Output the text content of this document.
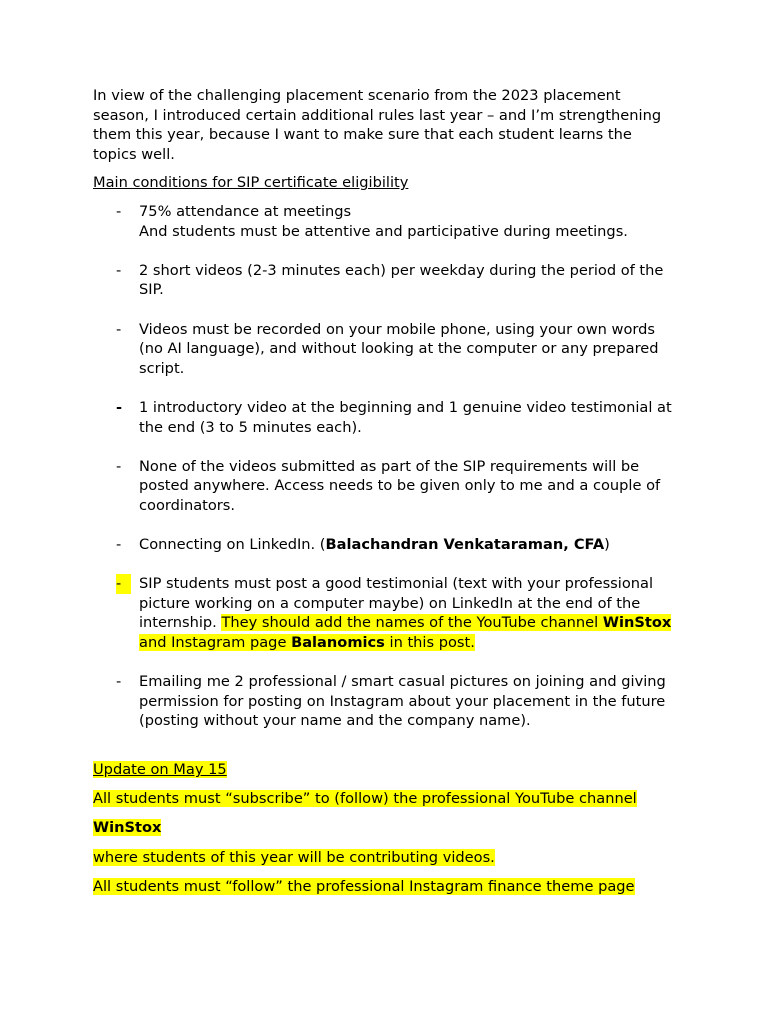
In view of the challenging placement scenario from the 2023 placement season, I introduced certain additional rules last year – and I’m strengthening them this year, because I want to make sure that each student learns the topics well.

Main conditions for SIP certificate eligibility

- 75% attendance at meetings
And students must be attentive and participative during meetings.
- 2 short videos (2-3 minutes each) per weekday during the period of the SIP.
- Videos must be recorded on your mobile phone, using your own words (no AI language), and without looking at the computer or any prepared script.
- 1 introductory video at the beginning and 1 genuine video testimonial at the end (3 to 5 minutes each).
- None of the videos submitted as part of the SIP requirements will be posted anywhere. Access needs to be given only to me and a couple of coordinators.
- Connecting on LinkedIn. (Balachandran Venkataraman, CFA)
-	SIP students must post a good testimonial (text with your professional picture working on a computer maybe) on LinkedIn at the end of the internship. They should add the names of the YouTube channel WinStox and Instagram page Balanomics in this post.
- Emailing me 2 professional / smart casual pictures on joining and giving permission for posting on Instagram about your placement in the future (posting without your name and the company name).

Update on May 15

All students must “subscribe” to (follow) the professional YouTube channel

WinStox

where students of this year will be contributing videos.

All students must “follow” the professional Instagram finance theme page
